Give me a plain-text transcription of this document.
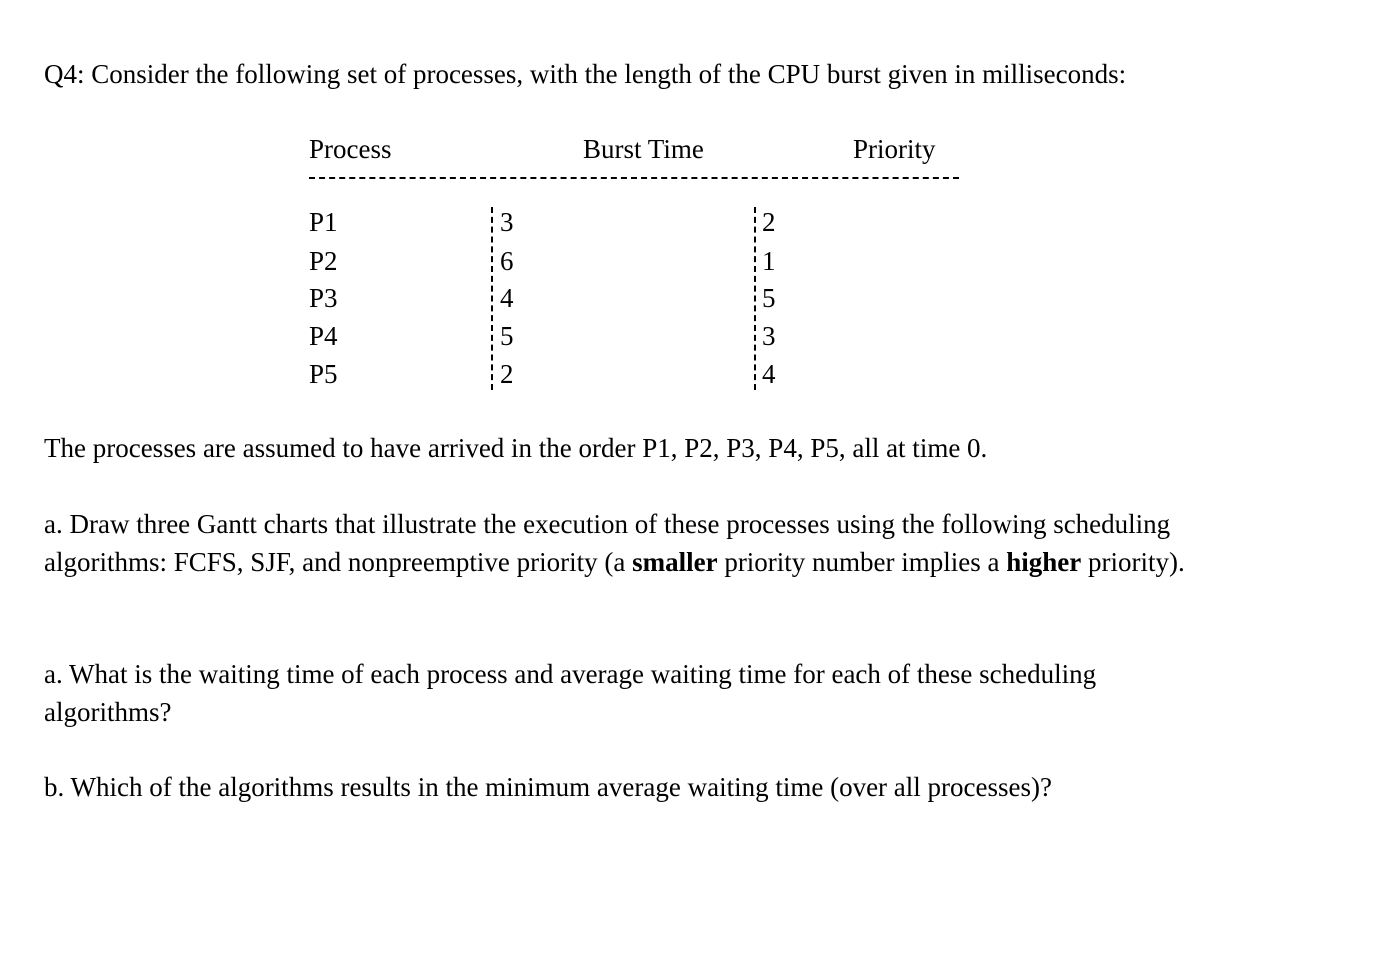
Q4: Consider the following set of processes, with the length of the CPU burst given in milliseconds:
Process	Burst Time	Priority
P1	3	2
P2	6	1
P3	4	5
P4	5	3
P5	2	4
The processes are assumed to have arrived in the order P1, P2, P3, P4, P5, all at time 0.
a. Draw three Gantt charts that illustrate the execution of these processes using the following scheduling
algorithms: FCFS, SJF, and nonpreemptive priority (a smaller priority number implies a higher priority).
a. What is the waiting time of each process and average waiting time for each of these scheduling
algorithms?
b. Which of the algorithms results in the minimum average waiting time (over all processes)?
